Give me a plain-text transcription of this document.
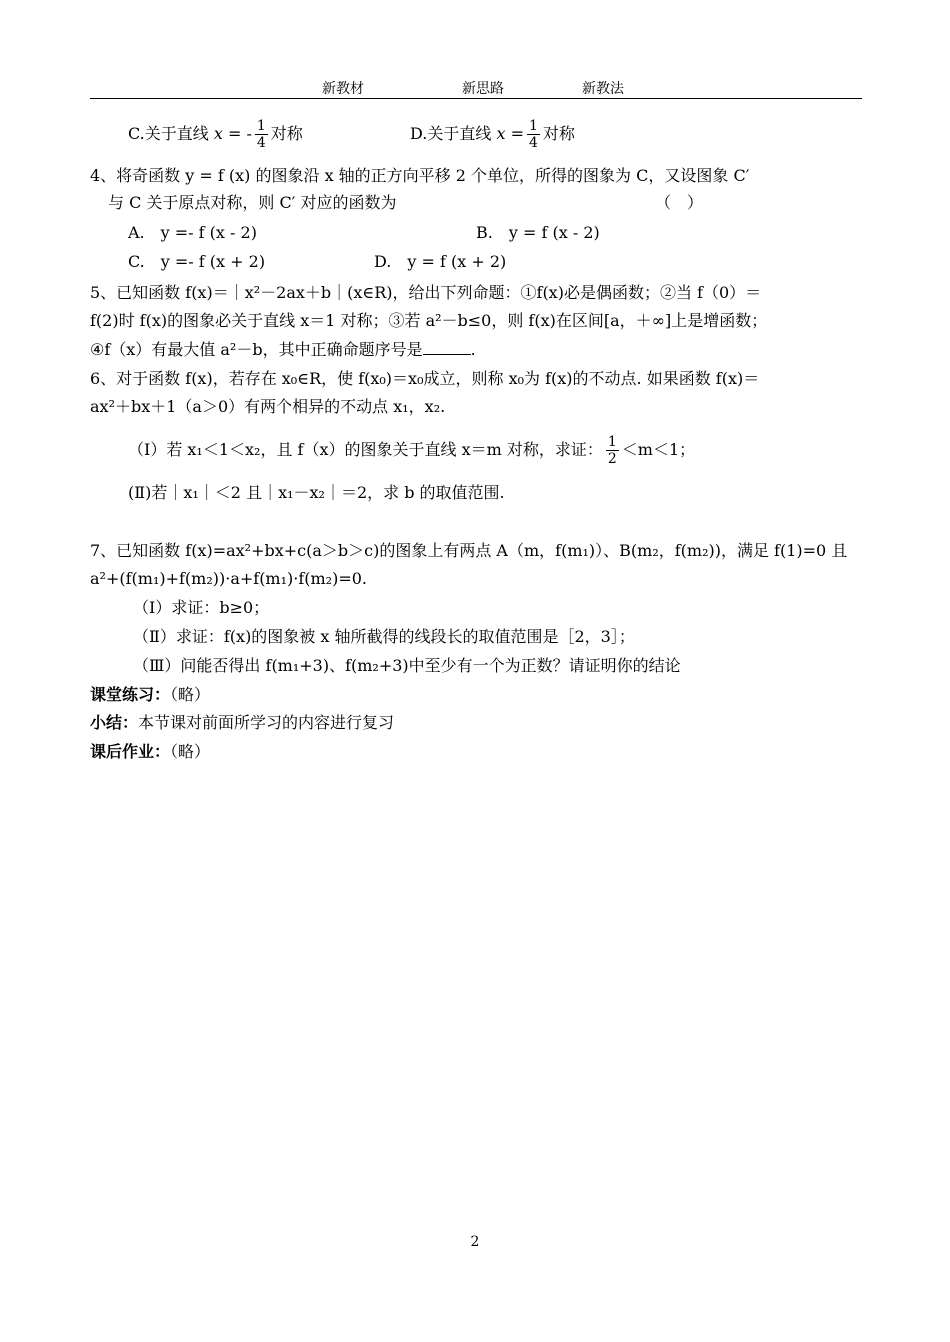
新教材	新思路	新教法
C.关于直线 x = - $\frac{1}{4}$ 对称	D.关于直线 $x = \frac{1}{4}$ 对称
4、将奇函数 y = f (x) 的图象沿 x 轴的正方向平移 2 个单位，所得的图象为 C，又设图象 C′
与 C 关于原点对称，则 C′ 对应的函数为	（　）
A.　y =- f (x - 2)	B.　y = f (x - 2)
C.　y =- f (x + 2)	D.　y = f (x + 2)
5、已知函数 f(x)＝｜x²－2ax＋b｜(x∈R)，给出下列命题：①f(x)必是偶函数；②当 f（0）＝
f(2)时 f(x)的图象必关于直线 x＝1 对称；③若 a²－b≤0，则 f(x)在区间[a，＋∞]上是增函数；
④f（x）有最大值 a²－b，其中正确命题序号是	.
6、对于函数 f(x)，若存在 x₀∈R，使 f(x₀)＝x₀成立，则称 x₀为 f(x)的不动点. 如果函数 f(x)＝
ax²＋bx＋1（a＞0）有两个相异的不动点 x₁，x₂.
（Ⅰ）若 x₁＜1＜x₂，且 f（x）的图象关于直线 x＝m 对称，求证： $\frac{1}{2} <m<1$；
(Ⅱ)若｜x₁｜＜2 且｜x₁－x₂｜＝2，求 b 的取值范围.
7、已知函数 f(x)=ax²+bx+c(a＞b＞c)的图象上有两点 A（m，f(m₁)）、B(m₂，f(m₂))，满足 f(1)=0 且
a²+(f(m₁)+f(m₂))·a+f(m₁)·f(m₂)=0.
（Ⅰ）求证：b≥0；
（Ⅱ）求证：f(x)的图象被 x 轴所截得的线段长的取值范围是［2，3］；
（Ⅲ）问能否得出 f(m₁+3)、f(m₂+3)中至少有一个为正数？请证明你的结论
课堂练习：（略）
小结：本节课对前面所学习的内容进行复习
课后作业：（略）
2
